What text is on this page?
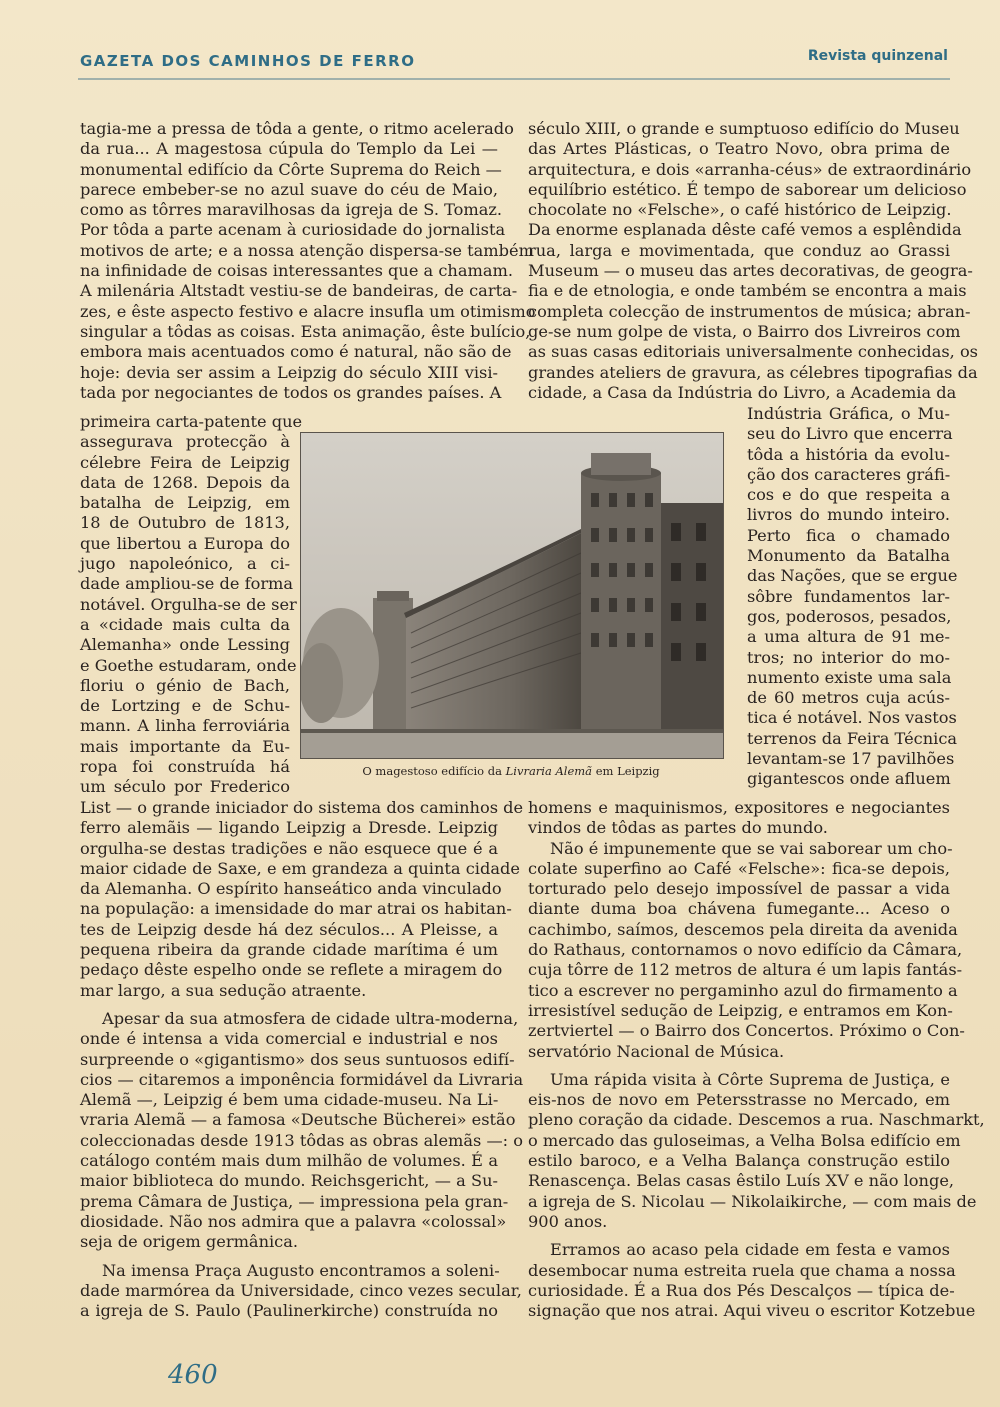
GAZETA DOS CAMINHOS DE FERRO	Revista quinzenal

tagia-me a pressa de tôda a gente, o ritmo acelerado
da rua... A magestosa cúpula do Templo da Lei —
monumental edifício da Côrte Suprema do Reich —
parece embeber-se no azul suave do céu de Maio,
como as tôrres maravilhosas da igreja de S. Tomaz.
Por tôda a parte acenam à curiosidade do jornalista
motivos de arte; e a nossa atenção dispersa-se também
na infinidade de coisas interessantes que a chamam.
A milenária Altstadt vestiu-se de bandeiras, de carta-
zes, e êste aspecto festivo e alacre insufla um otimismo
singular a tôdas as coisas. Esta animação, êste bulício,
embora mais acentuados como é natural, não são de
hoje: devia ser assim a Leipzig do século XIII visi-
tada por negociantes de todos os grandes países. A

primeira carta-patente que
assegurava protecção à
célebre Feira de Leipzig
data de 1268. Depois da
batalha de Leipzig, em
18 de Outubro de 1813,
que libertou a Europa do
jugo napoleónico, a ci-
dade ampliou-se de forma
notável. Orgulha-se de ser
a «cidade mais culta da
Alemanha» onde Lessing
e Goethe estudaram, onde
floriu o génio de Bach,
de Lortzing e de Schu-
mann. A linha ferroviária
mais importante da Eu-
ropa foi construída há
um século por Frederico

List — o grande iniciador do sistema dos caminhos de
ferro alemãis — ligando Leipzig a Dresde. Leipzig
orgulha-se destas tradições e não esquece que é a
maior cidade de Saxe, e em grandeza a quinta cidade
da Alemanha. O espírito hanseático anda vinculado
na população: a imensidade do mar atrai os habitan-
tes de Leipzig desde há dez séculos... A Pleisse, a
pequena ribeira da grande cidade marítima é um
pedaço dêste espelho onde se reflete a miragem do
mar largo, a sua sedução atraente.

Apesar da sua atmosfera de cidade ultra-moderna,
onde é intensa a vida comercial e industrial e nos
surpreende o «gigantismo» dos seus suntuosos edifí-
cios — citaremos a imponência formidável da Livraria
Alemã —, Leipzig é bem uma cidade-museu. Na Li-
vraria Alemã — a famosa «Deutsche Bücherei» estão
coleccionadas desde 1913 tôdas as obras alemãs —: o
catálogo contém mais dum milhão de volumes. É a
maior biblioteca do mundo. Reichsgericht, — a Su-
prema Câmara de Justiça, — impressiona pela gran-
diosidade. Não nos admira que a palavra «colossal»
seja de origem germânica.

Na imensa Praça Augusto encontramos a soleni-
dade marmórea da Universidade, cinco vezes secular,
a igreja de S. Paulo (Paulinerkirche) construída no

século XIII, o grande e sumptuoso edifício do Museu
das Artes Plásticas, o Teatro Novo, obra prima de
arquitectura, e dois «arranha-céus» de extraordinário
equilíbrio estético. É tempo de saborear um delicioso
chocolate no «Felsche», o café histórico de Leipzig.
Da enorme esplanada dêste café vemos a esplêndida
rua, larga e movimentada, que conduz ao Grassi
Museum — o museu das artes decorativas, de geogra-
fia e de etnologia, e onde também se encontra a mais
completa colecção de instrumentos de música; abran-
ge-se num golpe de vista, o Bairro dos Livreiros com
as suas casas editoriais universalmente conhecidas, os
grandes ateliers de gravura, as célebres tipografias da
cidade, a Casa da Indústria do Livro, a Academia da

Indústria Gráfica, o Mu-
seu do Livro que encerra
tôda a história da evolu-
ção dos caracteres gráfi-
cos e do que respeita a
livros do mundo inteiro.
Perto fica o chamado
Monumento da Batalha
das Nações, que se ergue
sôbre fundamentos lar-
gos, poderosos, pesados,
a uma altura de 91 me-
tros; no interior do mo-
numento existe uma sala
de 60 metros cuja acús-
tica é notável. Nos vastos
terrenos da Feira Técnica
levantam-se 17 pavilhões
gigantescos onde afluem

homens e maquinismos, expositores e negociantes
vindos de tôdas as partes do mundo.

Não é impunemente que se vai saborear um cho-
colate superfino ao Café «Felsche»: fica-se depois,
torturado pelo desejo impossível de passar a vida
diante duma boa chávena fumegante... Aceso o
cachimbo, saímos, descemos pela direita da avenida
do Rathaus, contornamos o novo edifício da Câmara,
cuja tôrre de 112 metros de altura é um lapis fantás-
tico a escrever no pergaminho azul do firmamento a
irresistível sedução de Leipzig, e entramos em Kon-
zertviertel — o Bairro dos Concertos. Próximo o Con-
servatório Nacional de Música.

Uma rápida visita à Côrte Suprema de Justiça, e
eis-nos de novo em Petersstrasse no Mercado, em
pleno coração da cidade. Descemos a rua. Naschmarkt,
o mercado das guloseimas, a Velha Bolsa edifício em
estilo baroco, e a Velha Balança construção estilo
Renascença. Belas casas êstilo Luís XV e não longe,
a igreja de S. Nicolau — Nikolaikirche, — com mais de
900 anos.

Erramos ao acaso pela cidade em festa e vamos
desembocar numa estreita ruela que chama a nossa
curiosidade. É a Rua dos Pés Descalços — típica de-
signação que nos atrai. Aqui viveu o escritor Kotzebue

O magestoso edifício da Livraria Alemã em Leipzig
460
